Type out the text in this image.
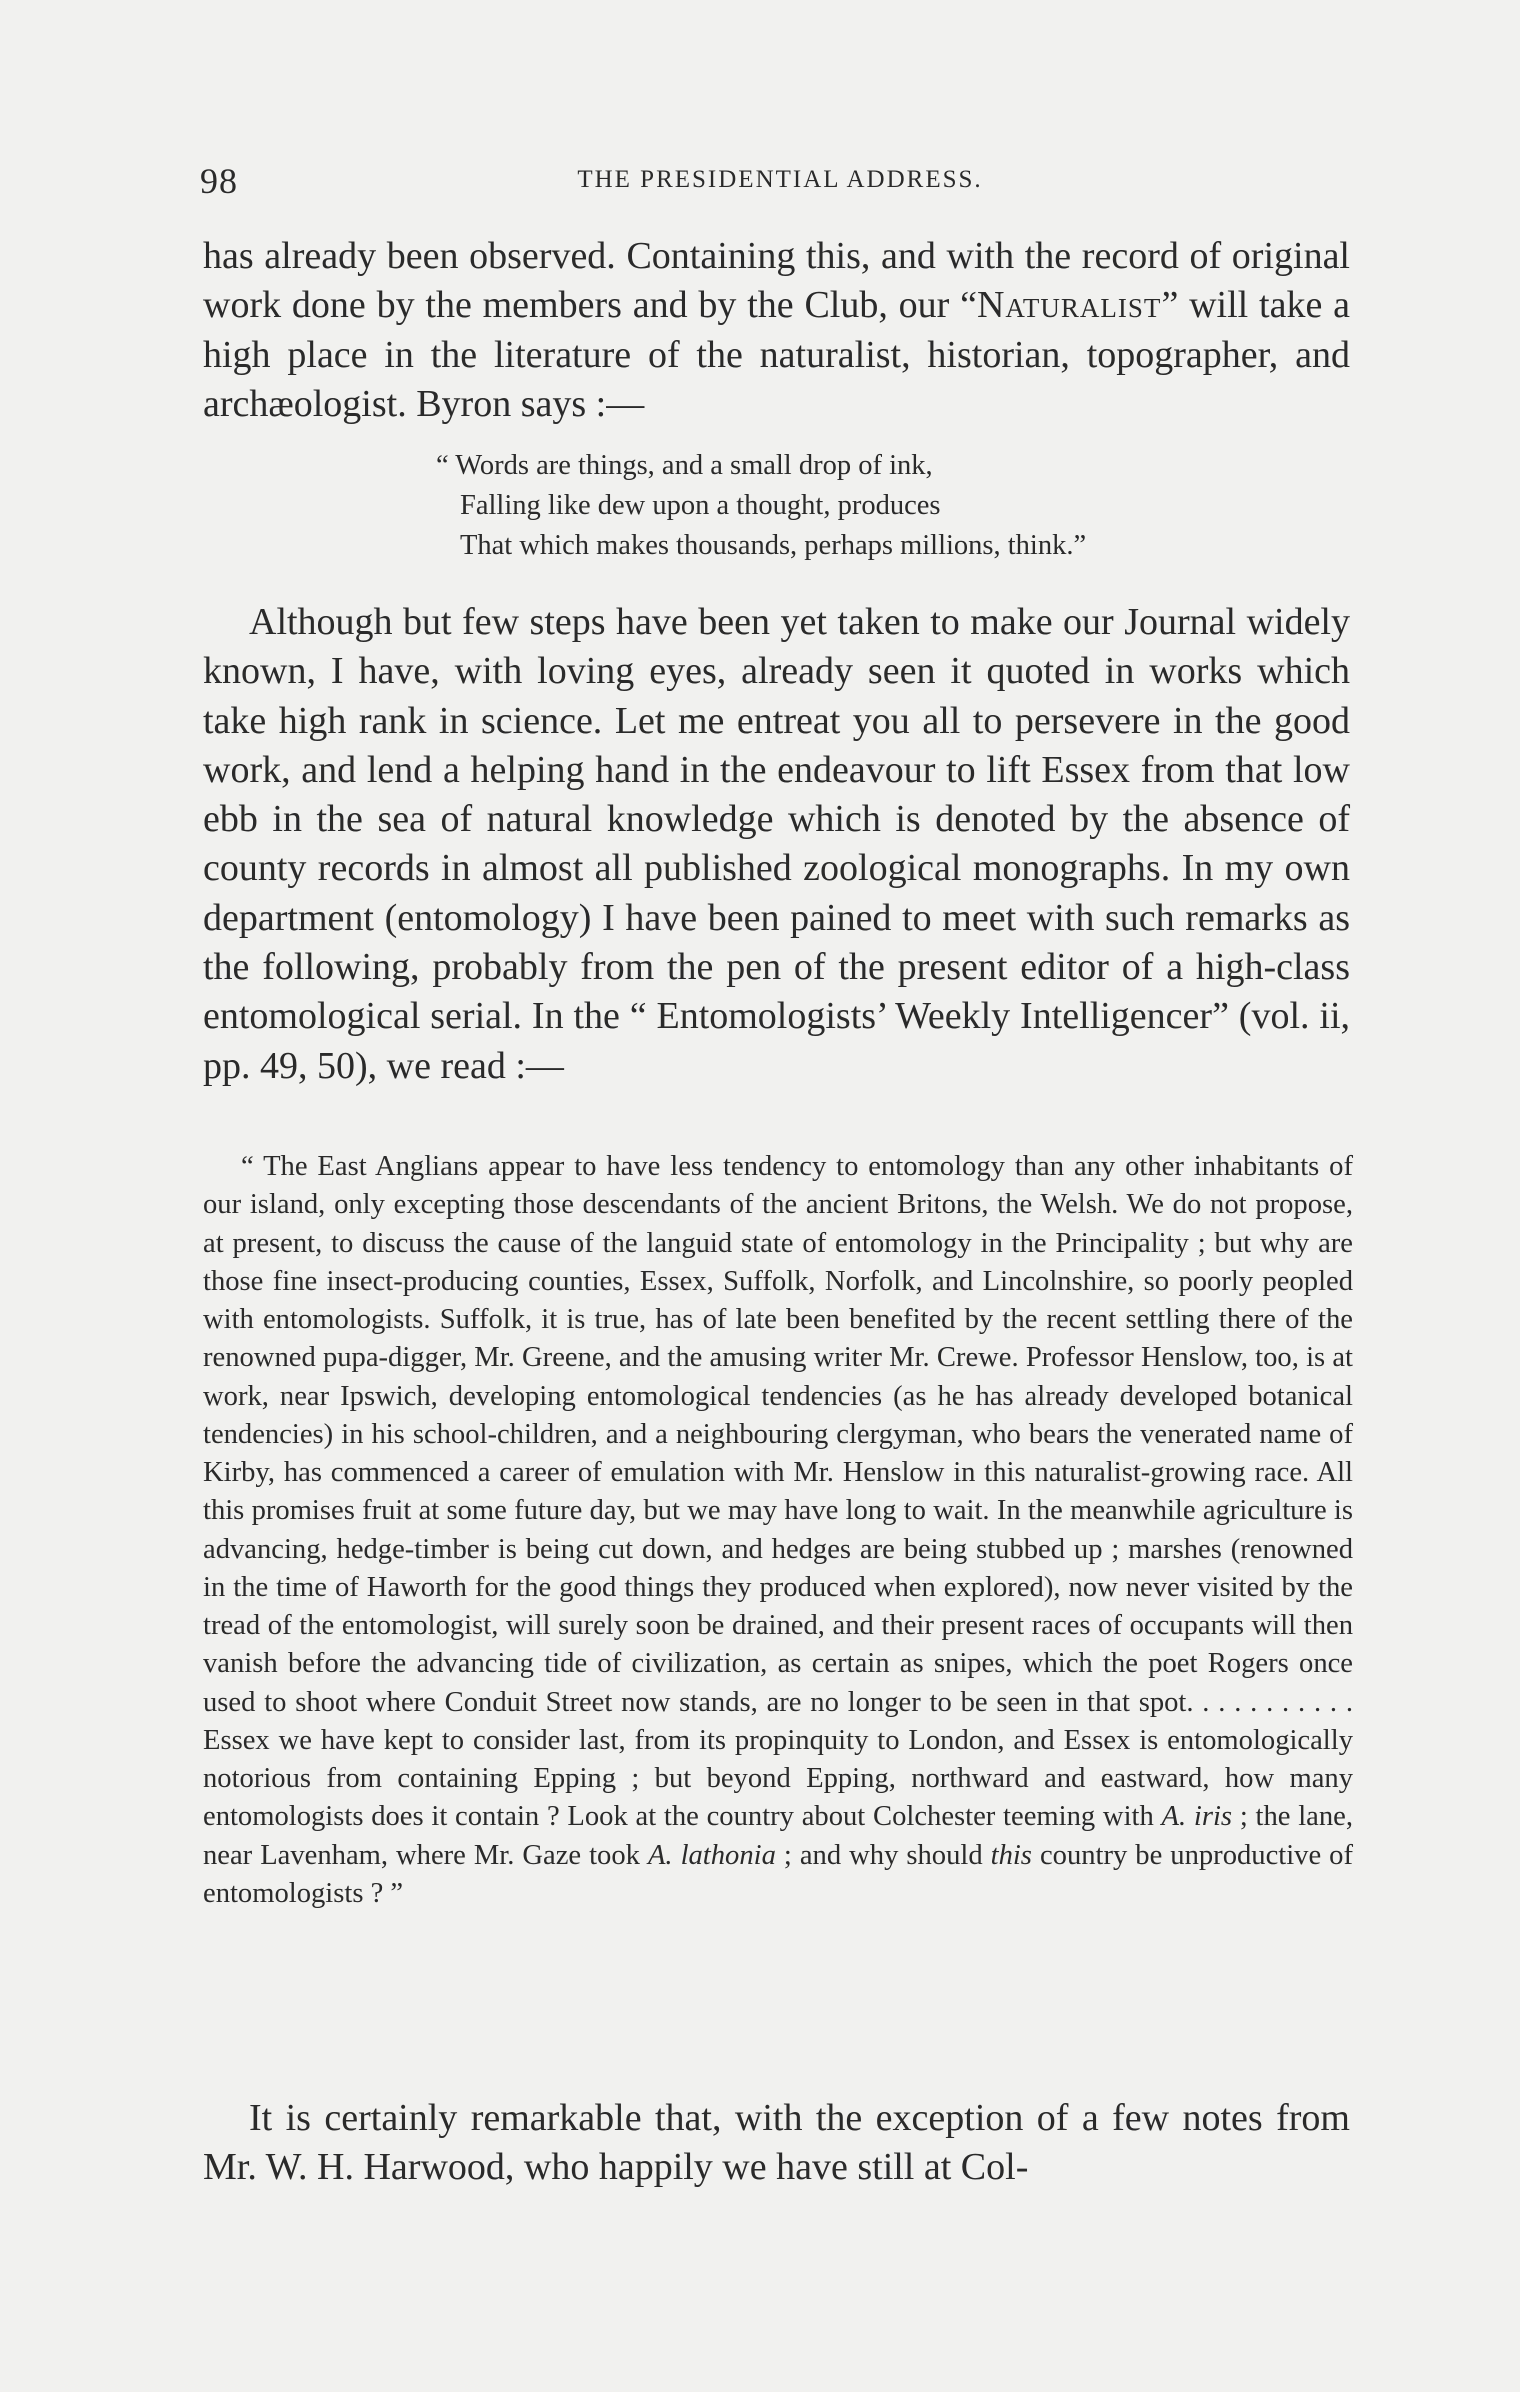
98	THE PRESIDENTIAL ADDRESS.

has already been observed. Containing this, and with the record of original work done by the members and by the Club, our “Naturalist” will take a high place in the literature of the naturalist, historian, topographer, and archæologist. Byron says :—

“ Words are things, and a small drop of ink,
Falling like dew upon a thought, produces
That which makes thousands, perhaps millions, think.”

Although but few steps have been yet taken to make our Journal widely known, I have, with loving eyes, already seen it quoted in works which take high rank in science. Let me entreat you all to persevere in the good work, and lend a helping hand in the endeavour to lift Essex from that low ebb in the sea of natural knowledge which is denoted by the absence of county records in almost all published zoological monographs. In my own department (entomology) I have been pained to meet with such remarks as the following, probably from the pen of the present editor of a high-class entomological serial. In the “ Entomologists’ Weekly Intelligencer” (vol. ii, pp. 49, 50), we read :—

“ The East Anglians appear to have less tendency to entomology than any other inhabitants of our island, only excepting those descendants of the ancient Britons, the Welsh. We do not propose, at present, to discuss the cause of the languid state of entomology in the Principality ; but why are those fine insect-producing counties, Essex, Suffolk, Norfolk, and Lincolnshire, so poorly peopled with entomologists. Suffolk, it is true, has of late been benefited by the recent settling there of the renowned pupa-digger, Mr. Greene, and the amusing writer Mr. Crewe. Professor Henslow, too, is at work, near Ipswich, developing entomological tendencies (as he has already developed botanical tendencies) in his school-children, and a neighbouring clergyman, who bears the venerated name of Kirby, has commenced a career of emulation with Mr. Henslow in this naturalist-growing race. All this promises fruit at some future day, but we may have long to wait. In the meanwhile agriculture is advancing, hedge-timber is being cut down, and hedges are being stubbed up ; marshes (renowned in the time of Haworth for the good things they produced when explored), now never visited by the tread of the entomologist, will surely soon be drained, and their present races of occupants will then vanish before the advancing tide of civilization, as certain as snipes, which the poet Rogers once used to shoot where Conduit Street now stands, are no longer to be seen in that spot. . . . . . . . . . . Essex we have kept to consider last, from its propinquity to London, and Essex is entomologically notorious from containing Epping ; but beyond Epping, northward and eastward, how many entomologists does it contain ? Look at the country about Colchester teeming with A. iris ; the lane, near Lavenham, where Mr. Gaze took A. lathonia ; and why should this country be unproductive of entomologists ? ”

It is certainly remarkable that, with the exception of a few notes from Mr. W. H. Harwood, who happily we have still at Col-
